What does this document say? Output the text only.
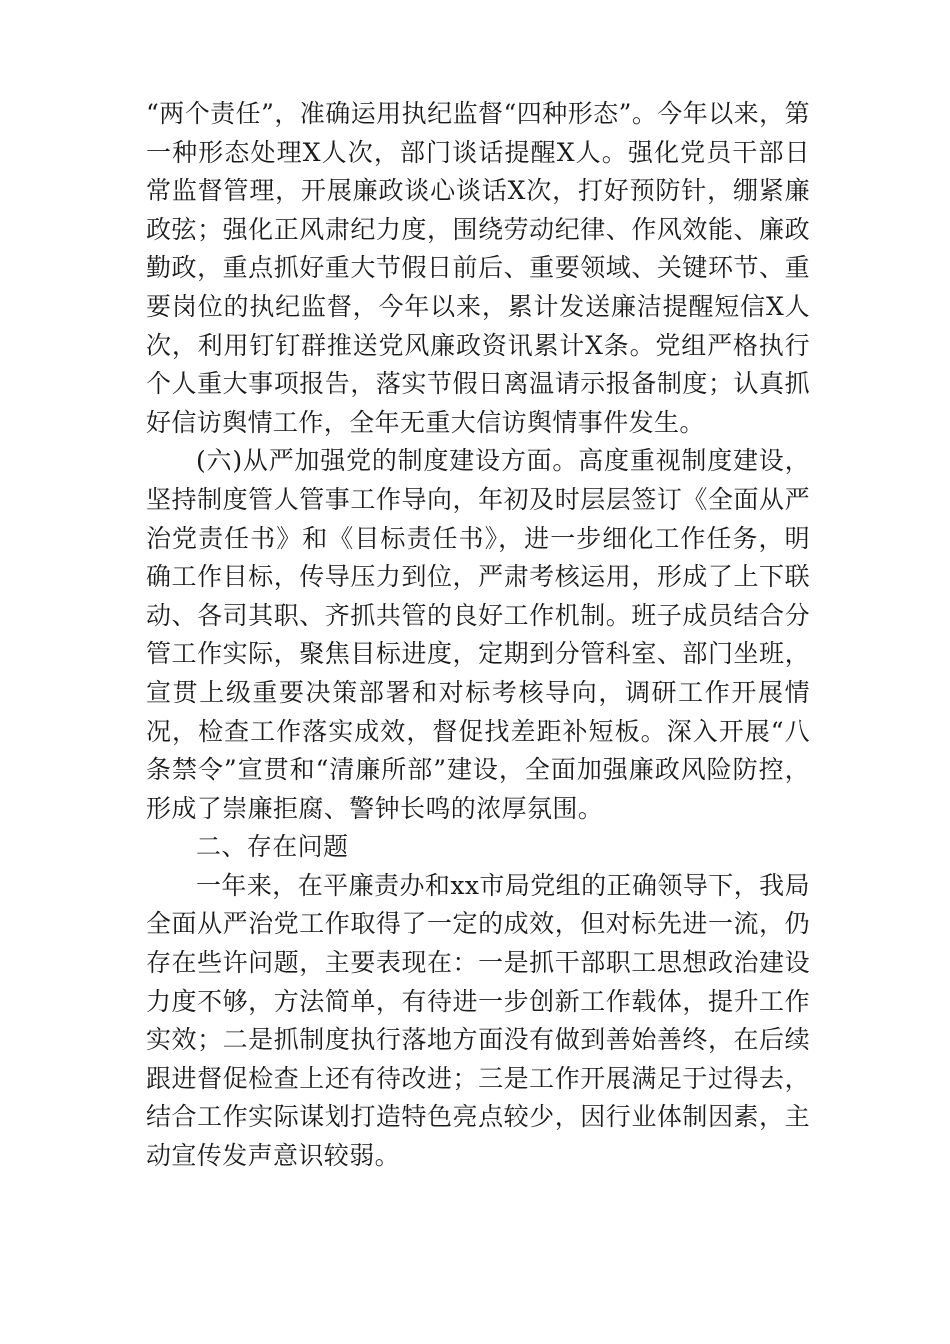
“两个责任”，准确运用执纪监督“四种形态”。今年以来，第一种形态处理X人次，部门谈话提醒X人。强化党员干部日常监督管理，开展廉政谈心谈话X次，打好预防针，绷紧廉政弦；强化正风肃纪力度，围绕劳动纪律、作风效能、廉政勤政，重点抓好重大节假日前后、重要领域、关键环节、重要岗位的执纪监督，今年以来，累计发送廉洁提醒短信X人次，利用钉钉群推送党风廉政资讯累计X条。党组严格执行个人重大事项报告，落实节假日离温请示报备制度；认真抓好信访舆情工作，全年无重大信访舆情事件发生。

(六)从严加强党的制度建设方面。高度重视制度建设，坚持制度管人管事工作导向，年初及时层层签订《全面从严治党责任书》和《目标责任书》，进一步细化工作任务，明确工作目标，传导压力到位，严肃考核运用，形成了上下联动、各司其职、齐抓共管的良好工作机制。班子成员结合分管工作实际，聚焦目标进度，定期到分管科室、部门坐班，宣贯上级重要决策部署和对标考核导向，调研工作开展情况，检查工作落实成效，督促找差距补短板。深入开展“八条禁令”宣贯和“清廉所部”建设，全面加强廉政风险防控，形成了崇廉拒腐、警钟长鸣的浓厚氛围。

二、存在问题

一年来，在平廉责办和xx市局党组的正确领导下，我局全面从严治党工作取得了一定的成效，但对标先进一流，仍存在些许问题，主要表现在：一是抓干部职工思想政治建设力度不够，方法简单，有待进一步创新工作载体，提升工作实效；二是抓制度执行落地方面没有做到善始善终，在后续跟进督促检查上还有待改进；三是工作开展满足于过得去，结合工作实际谋划打造特色亮点较少，因行业体制因素，主动宣传发声意识较弱。
